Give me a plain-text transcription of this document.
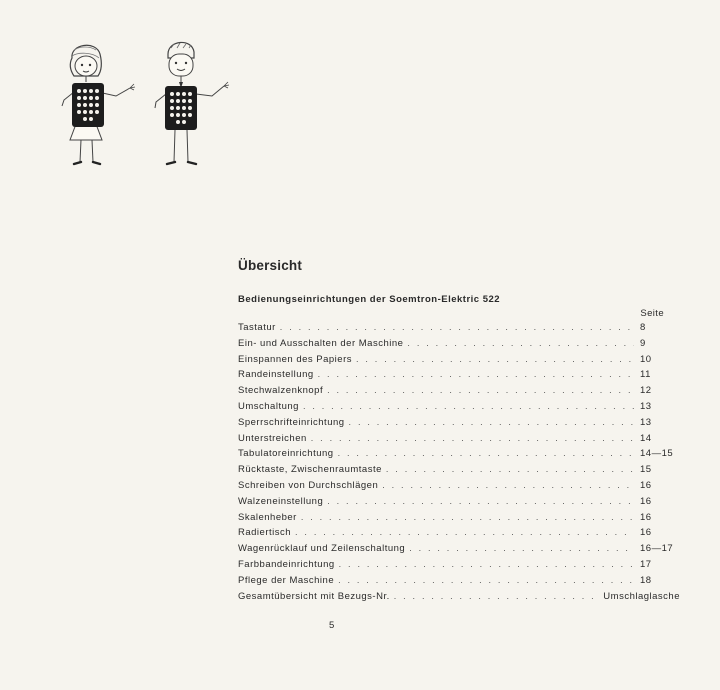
Übersicht
Bedienungseinrichtungen der Soemtron-Elektric 522
Seite
Tastatur . . .	8
Ein- und Ausschalten der Maschine . . .	9
Einspannen des Papiers . . .	10
Randeinstellung . . .	11
Stechwalzenknopf . . .	12
Umschaltung . . .	13
Sperrschrifteinrichtung . . .	13
Unterstreichen . . .	14
Tabulatoreinrichtung . . .	14—15
Rücktaste, Zwischenraumtaste . . .	15
Schreiben von Durchschlägen . . .	16
Walzeneinstellung . . .	16
Skalenheber . . .	16
Radiertisch . . .	16
Wagenrücklauf und Zeilenschaltung . . .	16—17
Farbbandeinrichtung . . .	17
Pflege der Maschine . . .	18
Gesamtübersicht mit Bezugs-Nr. . . .	Umschlaglasche
5
